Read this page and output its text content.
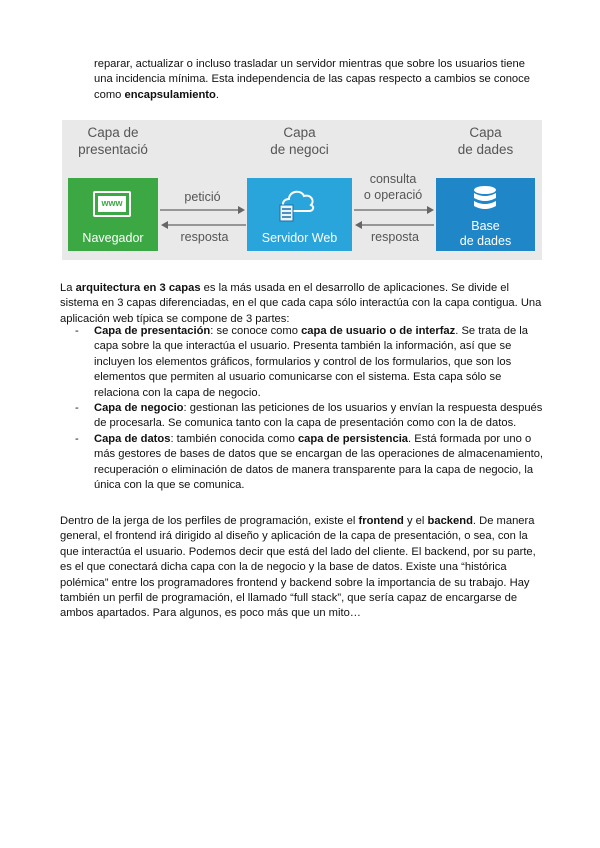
reparar, actualizar o incluso trasladar un servidor mientras que sobre los usuarios tiene una incidencia mínima. Esta independencia de las capas respecto a cambios se conoce como encapsulamiento.

Capa de
presentació
Capa
de negoci
Capa
de dades
www
Navegador	Servidor Web
Base
de dades
petició
resposta
consulta
o operació
resposta

La arquitectura en 3 capas es la más usada en el desarrollo de aplicaciones. Se divide el sistema en 3 capas diferenciadas, en el que cada capa sólo interactúa con la capa contigua. Una aplicación web típica se compone de 3 partes:

- Capa de presentación: se conoce como capa de usuario o de interfaz. Se trata de la capa sobre la que interactúa el usuario. Presenta también la información, así que se incluyen los elementos gráficos, formularios y control de los formularios, que son los elementos que permiten al usuario comunicarse con el sistema. Esta capa sólo se relaciona con la capa de negocio.
- Capa de negocio: gestionan las peticiones de los usuarios y envían la respuesta después de procesarla. Se comunica tanto con la capa de presentación como con la de datos.
- Capa de datos: también conocida como capa de persistencia. Está formada por uno o más gestores de bases de datos que se encargan de las operaciones de almacenamiento, recuperación o eliminación de datos de manera transparente para la capa de negocio, la única con la que se comunica.

Dentro de la jerga de los perfiles de programación, existe el frontend y el backend. De manera general, el frontend irá dirigido al diseño y aplicación de la capa de presentación, o sea, con la que interactúa el usuario. Podemos decir que está del lado del cliente. El backend, por su parte, es el que conectará dicha capa con la de negocio y la base de datos. Existe una “histórica polémica” entre los programadores frontend y backend sobre la importancia de su trabajo. Hay también un perfil de programación, el llamado “full stack”, que sería capaz de encargarse de ambos apartados. Para algunos, es poco más que un mito…
